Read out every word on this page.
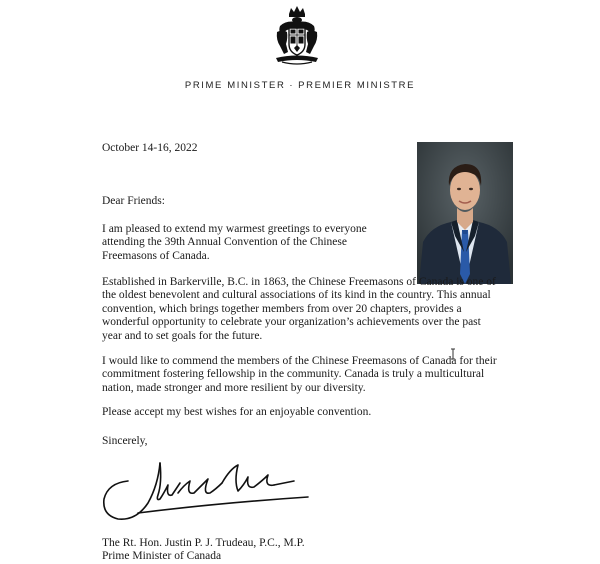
PRIME MINISTER · PREMIER MINISTRE
October 14-16, 2022
Dear Friends:

I am pleased to extend my warmest greetings to everyone attending the 39th Annual Convention of the Chinese Freemasons of Canada.

Established in Barkerville, B.C. in 1863, the Chinese Freemasons of Canada is one of the oldest benevolent and cultural associations of its kind in the country. This annual convention, which brings together members from over 20 chapters, provides a wonderful opportunity to celebrate your organization’s achievements over the past year and to set goals for the future.

I would like to commend the members of the Chinese Freemasons of Canada for their commitment fostering fellowship in the community. Canada is truly a multicultural nation, made stronger and more resilient by our diversity.

Please accept my best wishes for an enjoyable convention.

Sincerely,
The Rt. Hon. Justin P. J. Trudeau, P.C., M.P.
Prime Minister of Canada
